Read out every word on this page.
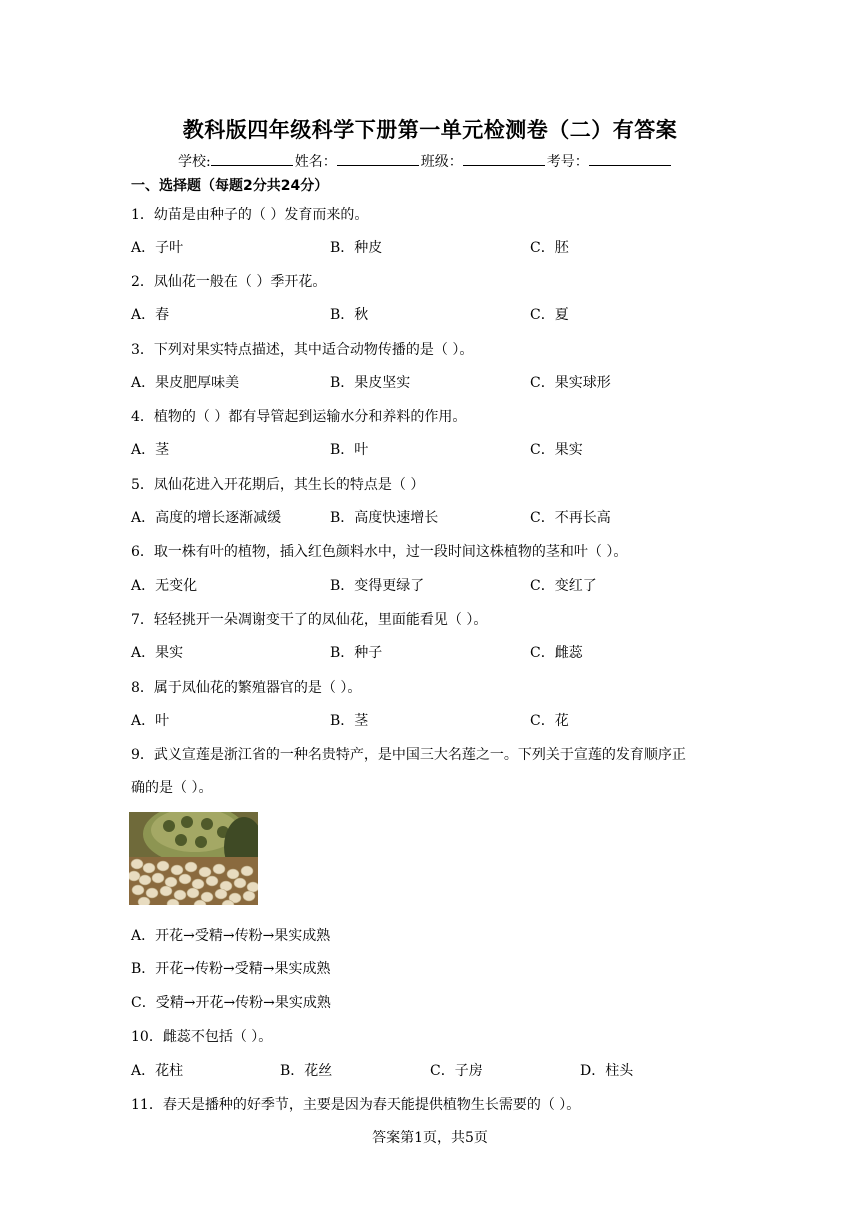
教科版四年级科学下册第一单元检测卷（二）有答案
学校:	姓名：	班级：	考号：
一、选择题（每题2分共24分）
1．幼苗是由种子的（ ）发育而来的。
A．子叶	B．种皮	C．胚
2．凤仙花一般在（ ）季开花。
A．春	B．秋	C．夏
3．下列对果实特点描述，其中适合动物传播的是（ ）。
A．果皮肥厚味美	B．果皮坚实	C．果实球形
4．植物的（ ）都有导管起到运输水分和养料的作用。
A．茎	B．叶	C．果实
5．凤仙花进入开花期后，其生长的特点是（ ）
A．高度的增长逐渐减缓	B．高度快速增长	C．不再长高
6．取一株有叶的植物，插入红色颜料水中，过一段时间这株植物的茎和叶（ ）。
A．无变化	B．变得更绿了	C．变红了
7．轻轻挑开一朵凋谢变干了的凤仙花，里面能看见（ ）。
A．果实	B．种子	C．雌蕊
8．属于凤仙花的繁殖器官的是（ ）。
A．叶	B．茎	C．花
9．武义宣莲是浙江省的一种名贵特产，是中国三大名莲之一。下列关于宣莲的发育顺序正
确的是（ ）。
A．开花→受精→传粉→果实成熟
B．开花→传粉→受精→果实成熟
C．受精→开花→传粉→果实成熟
10．雌蕊不包括（ ）。
A．花柱	B．花丝	C．子房	D．柱头
11．春天是播种的好季节，主要是因为春天能提供植物生长需要的（ ）。
答案第1页，共5页
